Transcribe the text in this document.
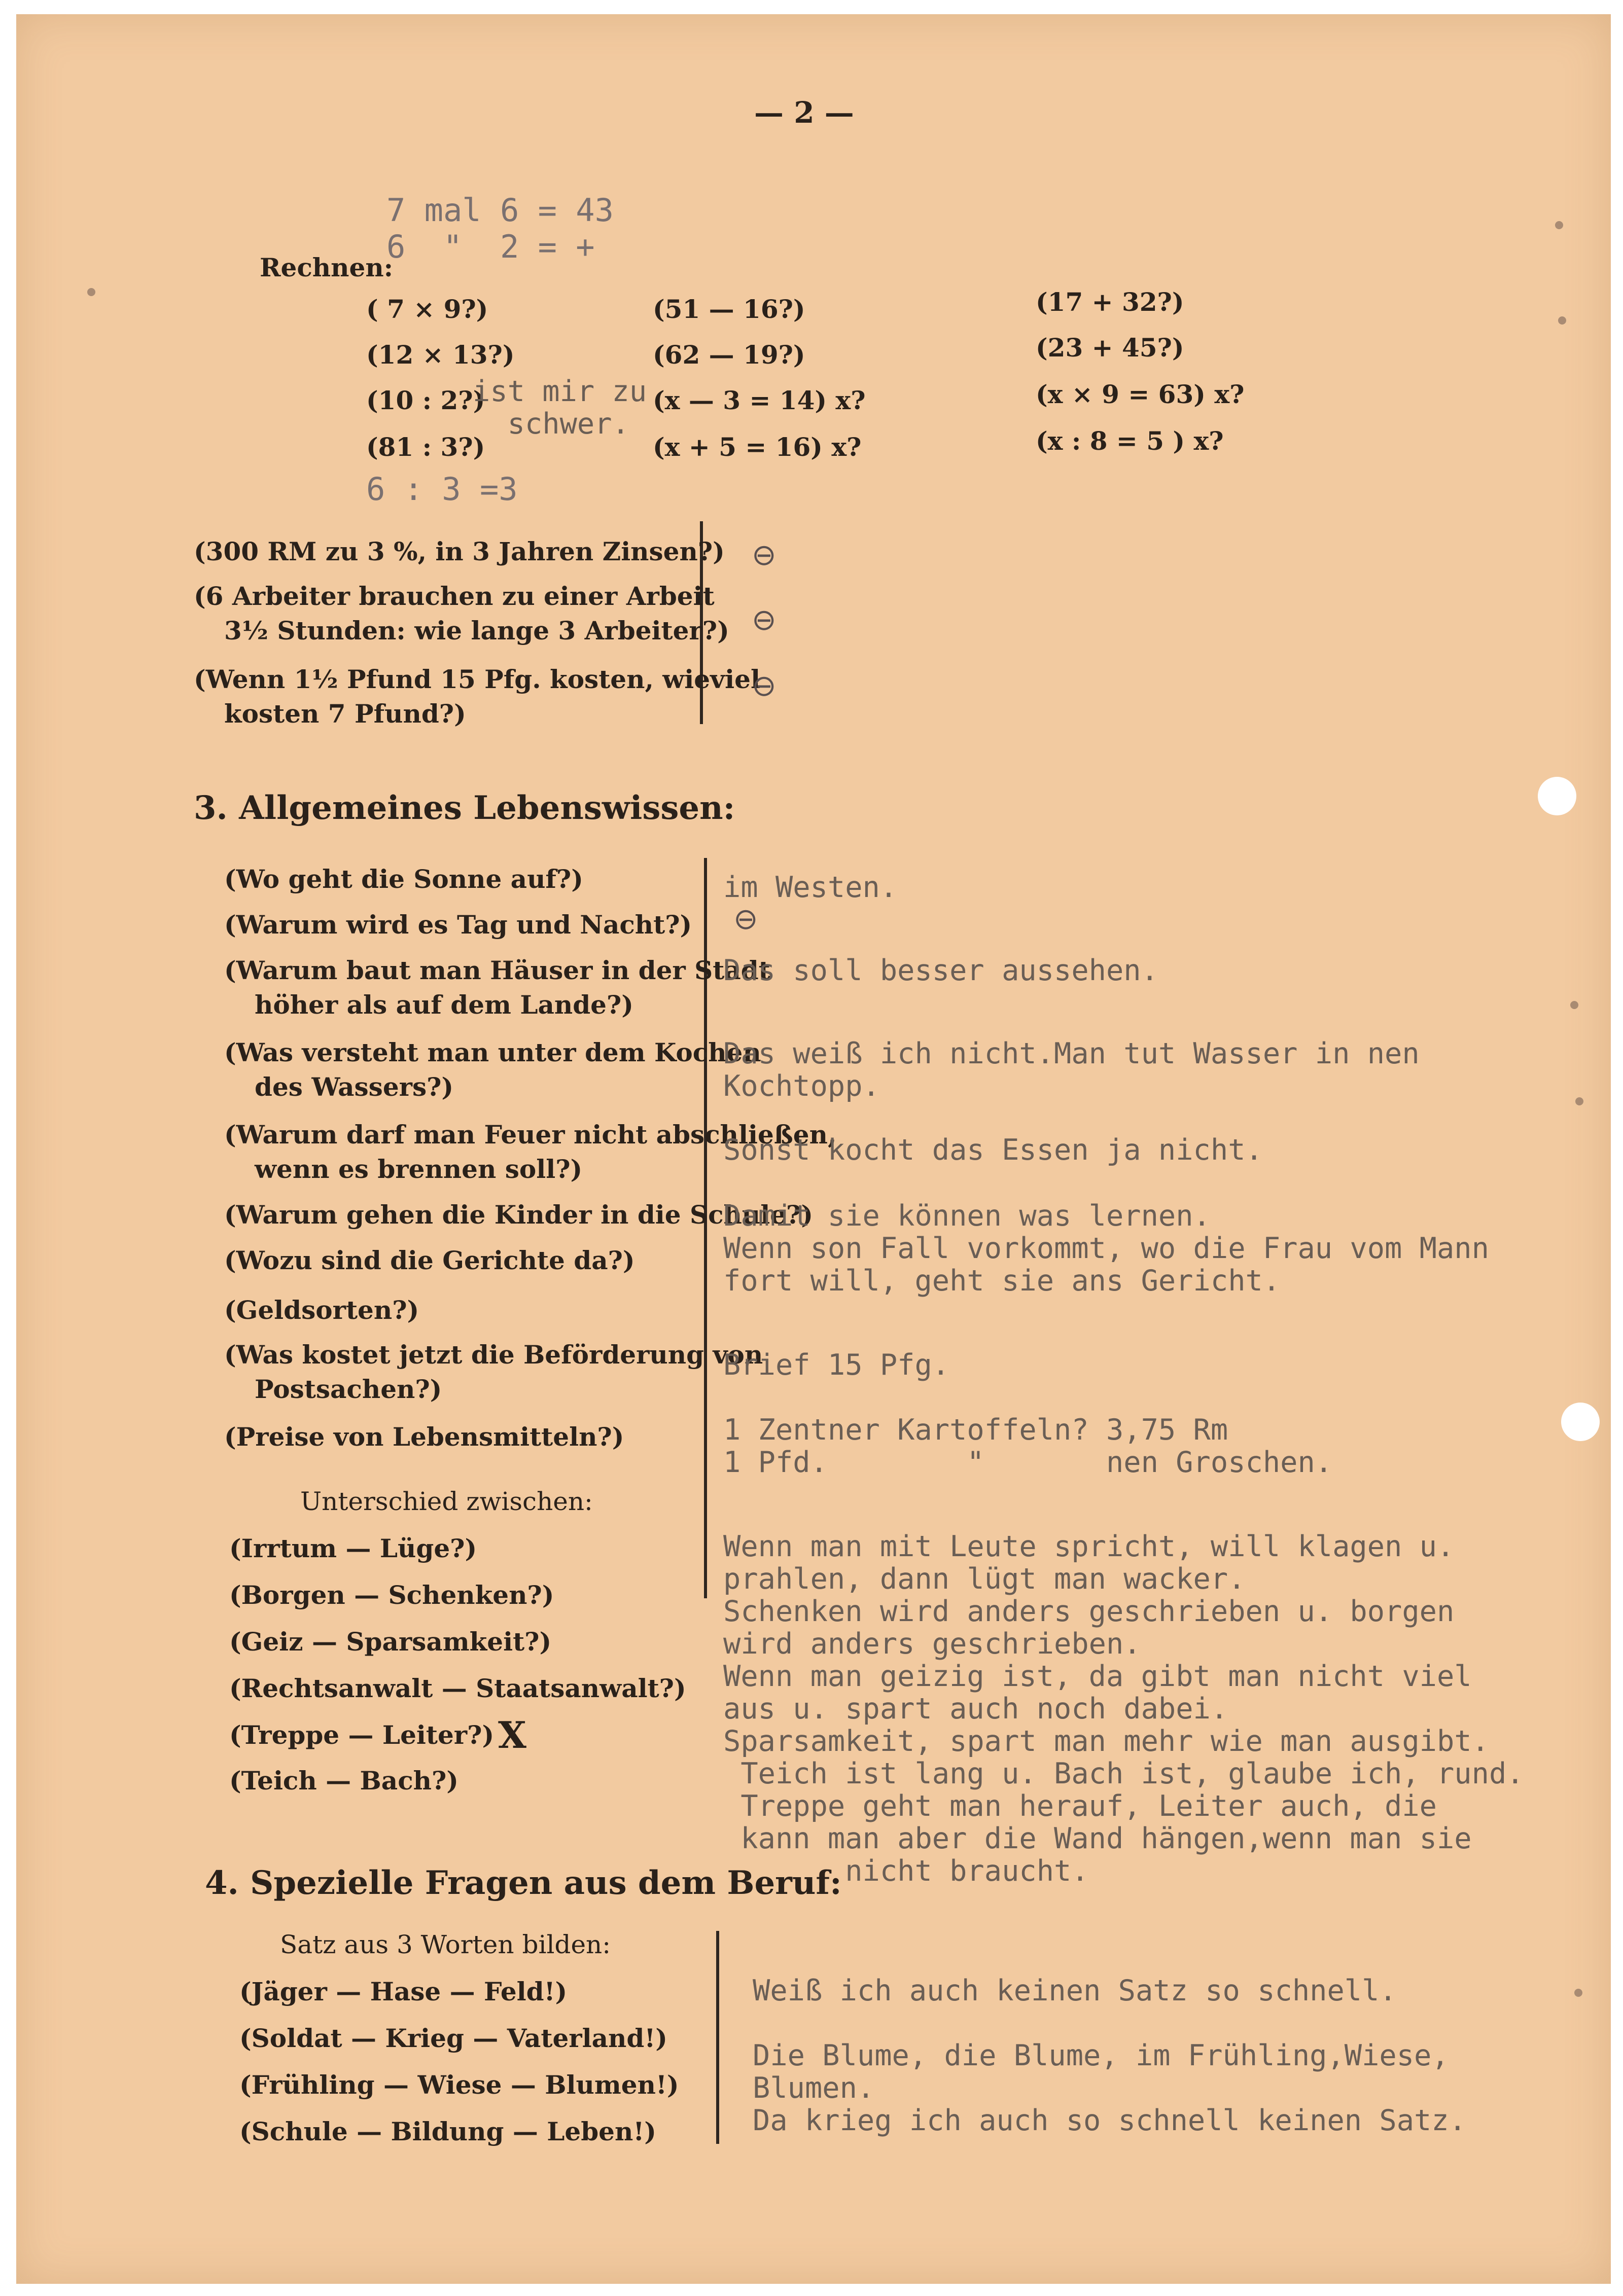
— 2 —
7 mal 6 = 43
6  "  2 = +
Rechnen:
( 7 × 9?)
(12 × 13?)
(10 : 2?)
(81 : 3?)
(51 — 16?)
(62 — 19?)
(x — 3 = 14) x?
(x + 5 = 16) x?
(17 + 32?)
(23 + 45?)
(x × 9 = 63) x?
(x : 8 = 5 ) x?
ist mir zu
schwer.
6 : 3 =3
(300 RM zu 3 %, in 3 Jahren Zinsen?) ⊖
(6 Arbeiter brauchen zu einer Arbeit
3½ Stunden: wie lange 3 Arbeiter?) ⊖
(Wenn 1½ Pfund 15 Pfg. kosten, wieviel
kosten 7 Pfund?)
⊖
3. Allgemeines Lebenswissen:
(Wo geht die Sonne auf?)
(Warum wird es Tag und Nacht?)
(Warum baut man Häuser in der Stadt
höher als auf dem Lande?)
(Was versteht man unter dem Kochen
des Wassers?)
(Warum darf man Feuer nicht abschließen,
wenn es brennen soll?)
(Warum gehen die Kinder in die Schule?)
(Wozu sind die Gerichte da?)
(Geldsorten?)
(Was kostet jetzt die Beförderung von
Postsachen?)
(Preise von Lebensmitteln?)
Unterschied zwischen:
(Irrtum — Lüge?)
(Borgen — Schenken?)
(Geiz — Sparsamkeit?)
(Rechtsanwalt — Staatsanwalt?)
(Treppe — Leiter?)
(Teich — Bach?)
X
im Westen.
⊖
Das soll besser aussehen.
Das weiß ich nicht.Man tut Wasser in nen
Kochtopp.
Sonst kocht das Essen ja nicht.
Damit sie können was lernen.
Wenn son Fall vorkommt, wo die Frau vom Mann
fort will, geht sie ans Gericht.
Brief 15 Pfg.
1 Zentner Kartoffeln? 3,75 Rm
1 Pfd.        "       nen Groschen.
Wenn man mit Leute spricht, will klagen u.
prahlen, dann lügt man wacker.
Schenken wird anders geschrieben u. borgen
wird anders geschrieben.
Wenn man geizig ist, da gibt man nicht viel
aus u. spart auch noch dabei.
Sparsamkeit, spart man mehr wie man ausgibt.
Teich ist lang u. Bach ist, glaube ich, rund.
Treppe geht man herauf, Leiter auch, die
kann man aber die Wand hängen,wenn man sie
nicht braucht.
4. Spezielle Fragen aus dem Beruf:
Satz aus 3 Worten bilden:
(Jäger — Hase — Feld!)
(Soldat — Krieg — Vaterland!)
(Frühling — Wiese — Blumen!)
(Schule — Bildung — Leben!)
Weiß ich auch keinen Satz so schnell.

Die Blume, die Blume, im Frühling,Wiese,
Blumen.
Da krieg ich auch so schnell keinen Satz.
